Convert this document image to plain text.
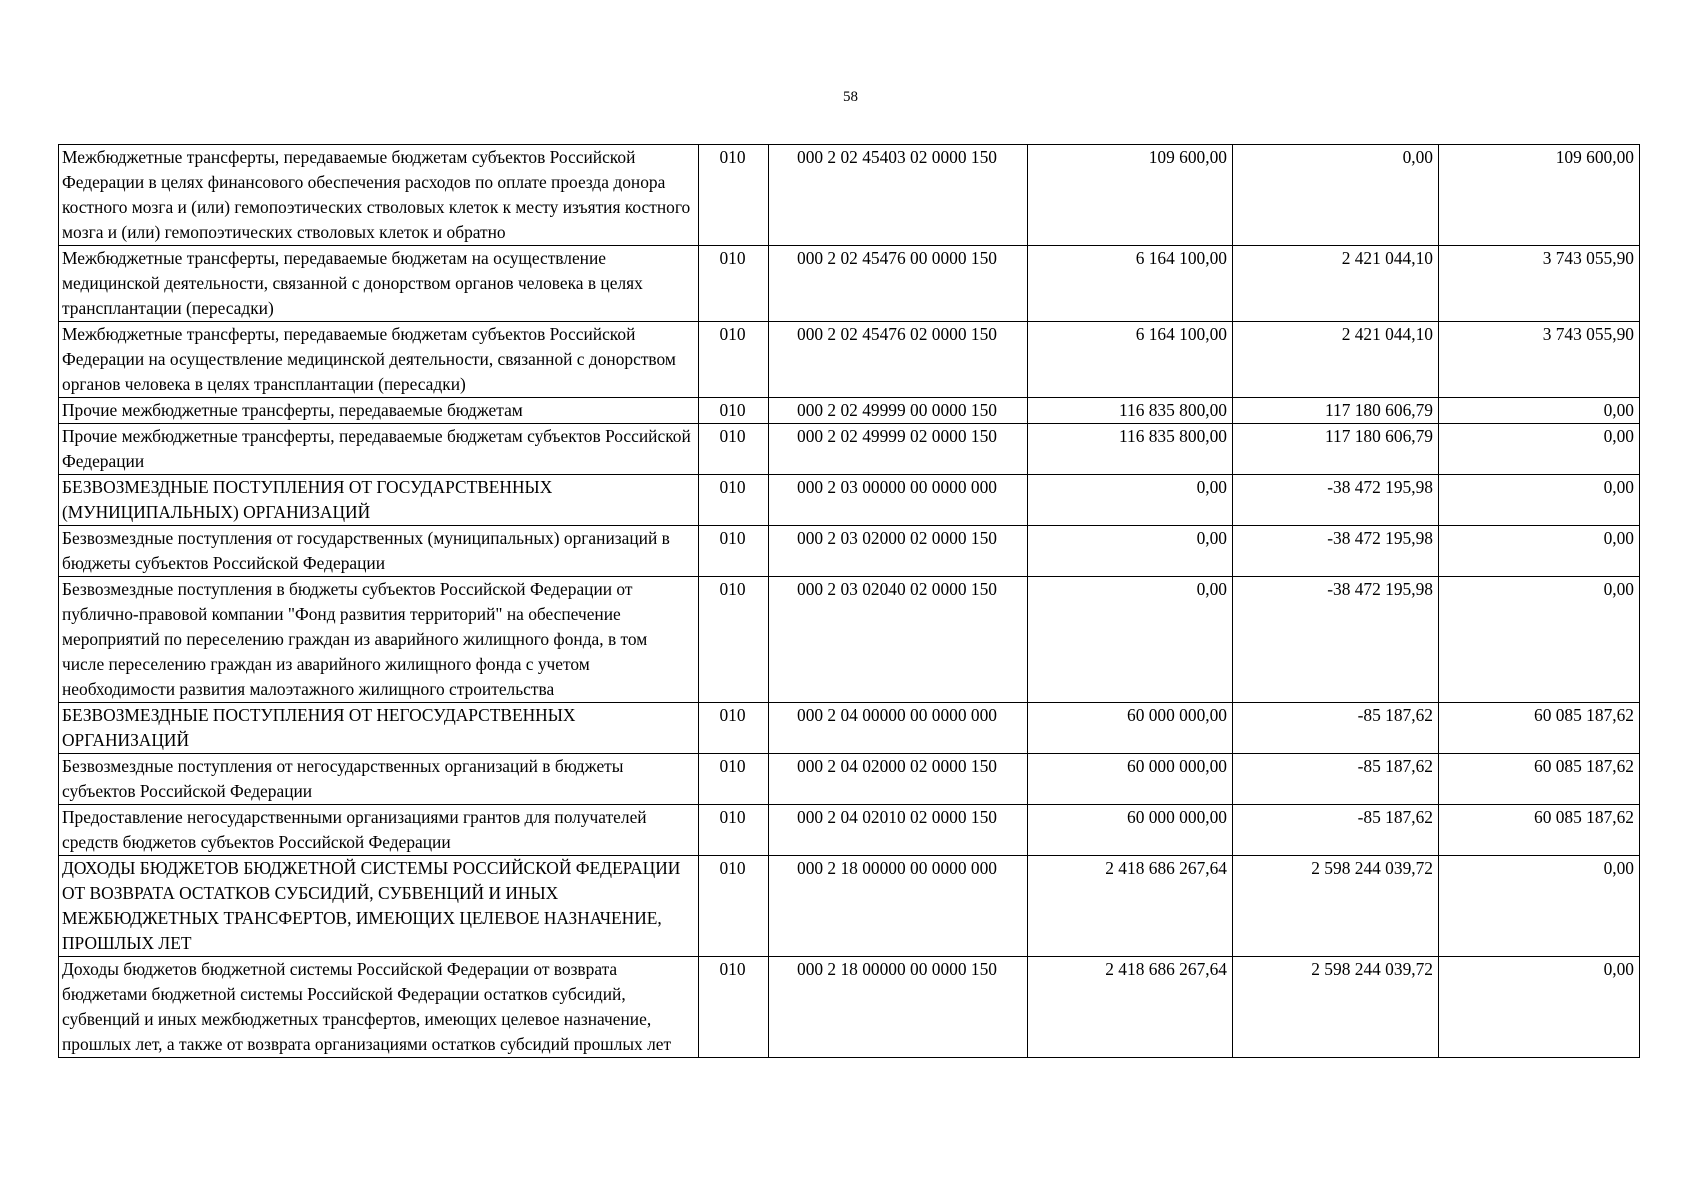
58
Межбюджетные трансферты, передаваемые бюджетам субъектов Российской Федерации в целях финансового обеспечения расходов по оплате проезда донора костного мозга и (или) гемопоэтических стволовых клеток к месту изъятия костного мозга и (или) гемопоэтических стволовых клеток и обратно	010	000 2 02 45403 02 0000 150	109 600,00	0,00	109 600,00
Межбюджетные трансферты, передаваемые бюджетам на осуществление медицинской деятельности, связанной с донорством органов человека в целях трансплантации (пересадки)	010	000 2 02 45476 00 0000 150	6 164 100,00	2 421 044,10	3 743 055,90
Межбюджетные трансферты, передаваемые бюджетам субъектов Российской Федерации на осуществление медицинской деятельности, связанной с донорством органов человека в целях трансплантации (пересадки)	010	000 2 02 45476 02 0000 150	6 164 100,00	2 421 044,10	3 743 055,90
Прочие межбюджетные трансферты, передаваемые бюджетам	010	000 2 02 49999 00 0000 150	116 835 800,00	117 180 606,79	0,00
Прочие межбюджетные трансферты, передаваемые бюджетам субъектов Российской Федерации	010	000 2 02 49999 02 0000 150	116 835 800,00	117 180 606,79	0,00
БЕЗВОЗМЕЗДНЫЕ ПОСТУПЛЕНИЯ ОТ ГОСУДАРСТВЕННЫХ (МУНИЦИПАЛЬНЫХ) ОРГАНИЗАЦИЙ	010	000 2 03 00000 00 0000 000	0,00	-38 472 195,98	0,00
Безвозмездные поступления от государственных (муниципальных) организаций в бюджеты субъектов Российской Федерации	010	000 2 03 02000 02 0000 150	0,00	-38 472 195,98	0,00
Безвозмездные поступления в бюджеты субъектов Российской Федерации от публично-правовой компании "Фонд развития территорий" на обеспечение мероприятий по переселению граждан из аварийного жилищного фонда, в том числе переселению граждан из аварийного жилищного фонда с учетом необходимости развития малоэтажного жилищного строительства	010	000 2 03 02040 02 0000 150	0,00	-38 472 195,98	0,00
БЕЗВОЗМЕЗДНЫЕ ПОСТУПЛЕНИЯ ОТ НЕГОСУДАРСТВЕННЫХ ОРГАНИЗАЦИЙ	010	000 2 04 00000 00 0000 000	60 000 000,00	-85 187,62	60 085 187,62
Безвозмездные поступления от негосударственных организаций в бюджеты субъектов Российской Федерации	010	000 2 04 02000 02 0000 150	60 000 000,00	-85 187,62	60 085 187,62
Предоставление негосударственными организациями грантов для получателей средств бюджетов субъектов Российской Федерации	010	000 2 04 02010 02 0000 150	60 000 000,00	-85 187,62	60 085 187,62
ДОХОДЫ БЮДЖЕТОВ БЮДЖЕТНОЙ СИСТЕМЫ РОССИЙСКОЙ ФЕДЕРАЦИИ ОТ ВОЗВРАТА ОСТАТКОВ СУБСИДИЙ, СУБВЕНЦИЙ И ИНЫХ МЕЖБЮДЖЕТНЫХ ТРАНСФЕРТОВ, ИМЕЮЩИХ ЦЕЛЕВОЕ НАЗНАЧЕНИЕ, ПРОШЛЫХ ЛЕТ	010	000 2 18 00000 00 0000 000	2 418 686 267,64	2 598 244 039,72	0,00
Доходы бюджетов бюджетной системы Российской Федерации от возврата бюджетами бюджетной системы Российской Федерации остатков субсидий, субвенций и иных межбюджетных трансфертов, имеющих целевое назначение, прошлых лет, а также от возврата организациями остатков субсидий прошлых лет	010	000 2 18 00000 00 0000 150	2 418 686 267,64	2 598 244 039,72	0,00
